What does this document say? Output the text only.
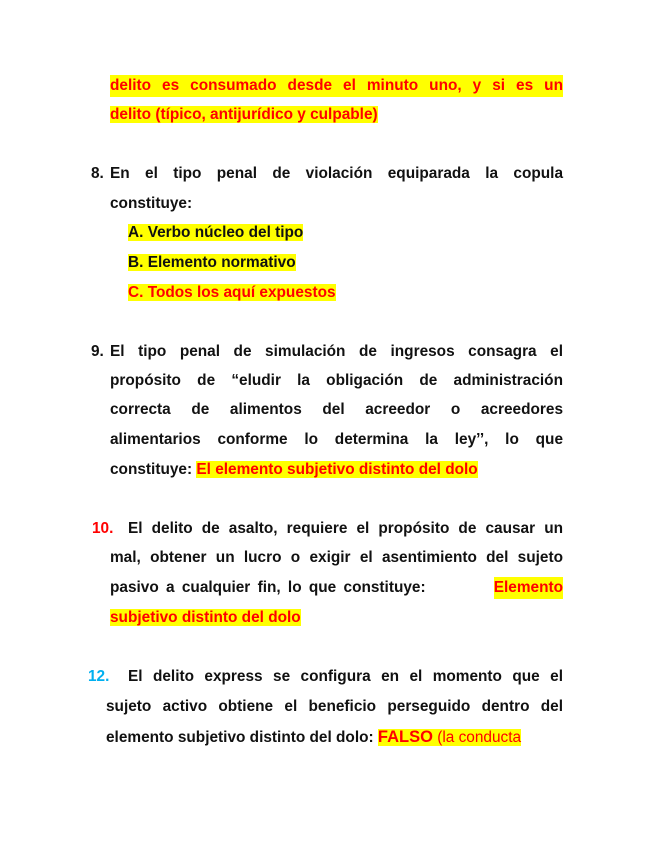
delito es consumado desde el minuto uno, y si es un
delito (típico, antijurídico y culpable)
8. En el tipo penal de violación equiparada la copula
constituye:
A. Verbo núcleo del tipo
B. Elemento normativo
C. Todos los aquí expuestos
9. El tipo penal de simulación de ingresos consagra el
propósito de “eludir la obligación de administración
correcta de alimentos del acreedor o acreedores
alimentarios conforme lo determina la ley’’, lo que
constituye: El elemento subjetivo distinto del dolo
10. El delito de asalto, requiere el propósito de causar un
mal, obtener un lucro o exigir el asentimiento del sujeto
pasivo a cualquier fin, lo que constituye:	Elemento
subjetivo distinto del dolo
12. El delito express se configura en el momento que el
sujeto activo obtiene el beneficio perseguido dentro del
elemento subjetivo distinto del dolo: FALSO (la conducta
